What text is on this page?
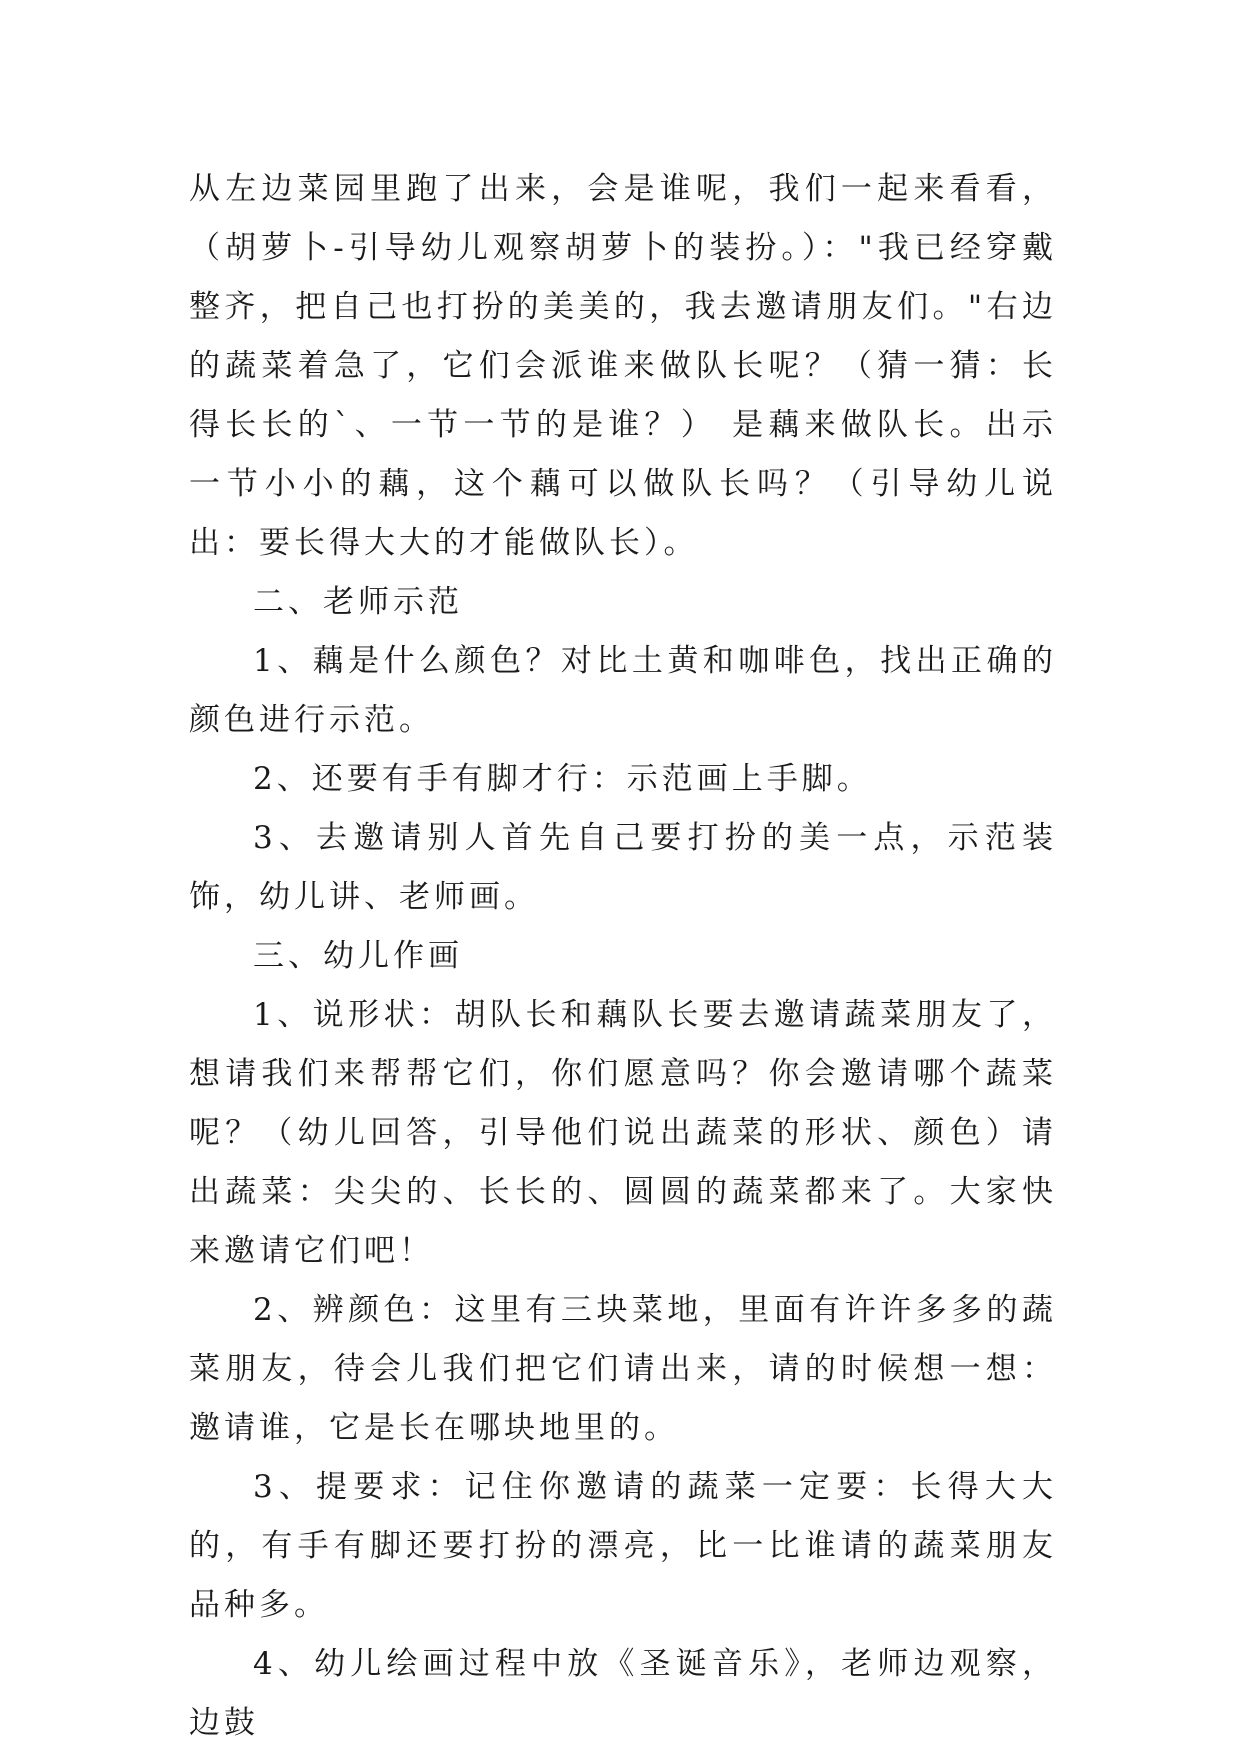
从左边菜园里跑了出来，会是谁呢，我们一起来看看，（胡萝卜-引导幼儿观察胡萝卜的装扮。）："我已经穿戴整齐，把自己也打扮的美美的，我去邀请朋友们。"右边的蔬菜着急了，它们会派谁来做队长呢？（猜一猜：长得长长的`、一节一节的是谁？） 是藕来做队长。出示一节小小的藕，这个藕可以做队长吗？（引导幼儿说出：要长得大大的才能做队长）。

二、老师示范

1、藕是什么颜色？对比土黄和咖啡色，找出正确的颜色进行示范。

2、还要有手有脚才行：示范画上手脚。

3、去邀请别人首先自己要打扮的美一点，示范装饰，幼儿讲、老师画。

三、幼儿作画

1、说形状：胡队长和藕队长要去邀请蔬菜朋友了，想请我们来帮帮它们，你们愿意吗？你会邀请哪个蔬菜呢？（幼儿回答，引导他们说出蔬菜的形状、颜色）请出蔬菜：尖尖的、长长的、圆圆的蔬菜都来了。大家快来邀请它们吧！

2、辨颜色：这里有三块菜地，里面有许许多多的蔬菜朋友，待会儿我们把它们请出来，请的时候想一想：邀请谁，它是长在哪块地里的。

3、提要求：记住你邀请的蔬菜一定要：长得大大的，有手有脚还要打扮的漂亮，比一比谁请的蔬菜朋友品种多。

4、幼儿绘画过程中放《圣诞音乐》，老师边观察，边鼓
